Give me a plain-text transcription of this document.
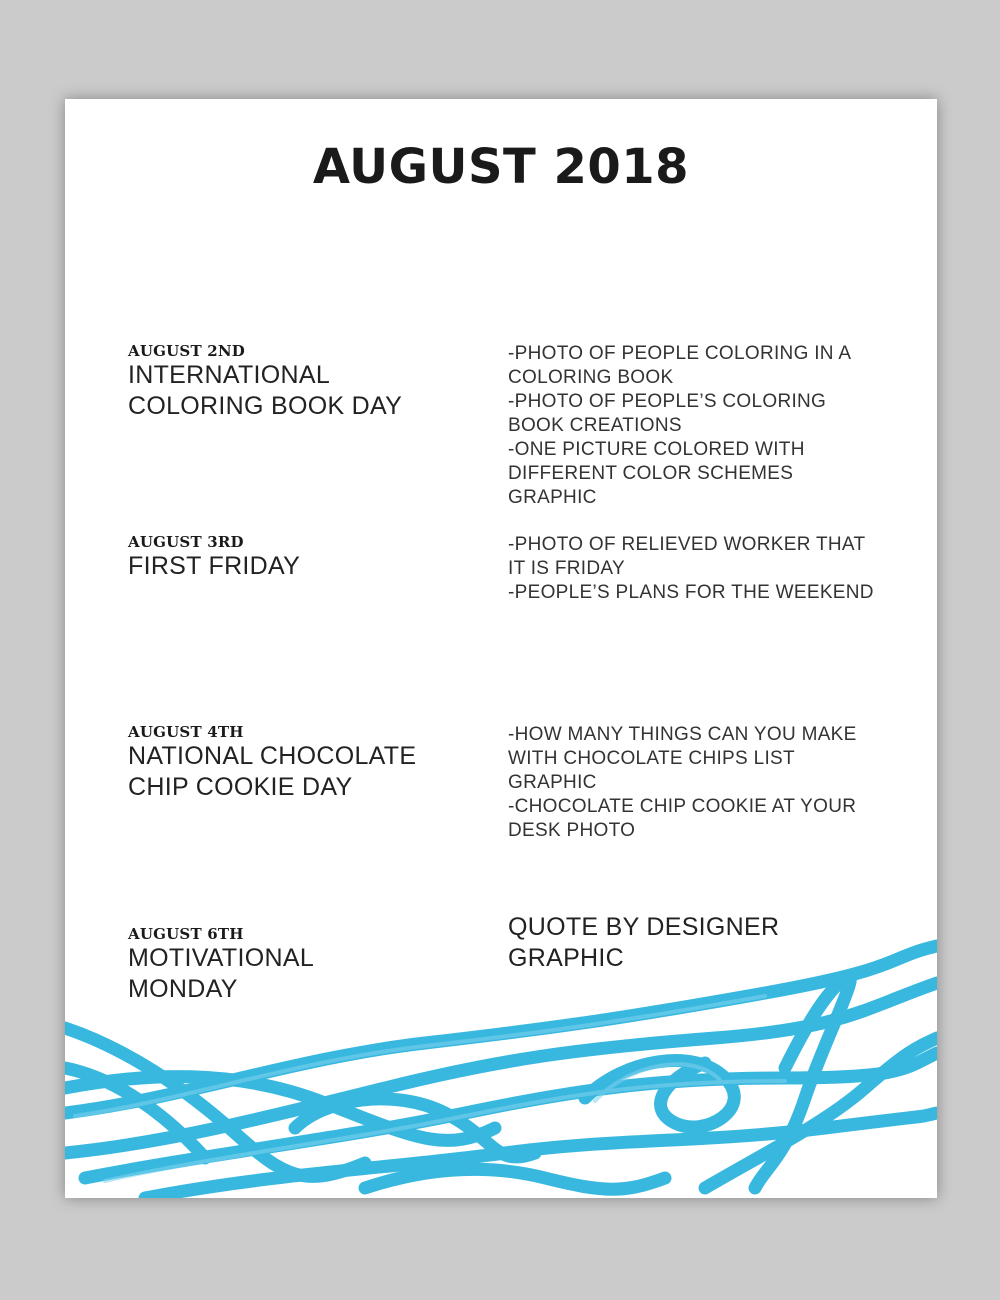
AUGUST 2018
AUGUST 2ND
INTERNATIONAL COLORING BOOK DAY
-PHOTO OF PEOPLE COLORING IN A COLORING BOOK
-PHOTO OF PEOPLE’S COLORING BOOK CREATIONS
-ONE PICTURE COLORED WITH DIFFERENT COLOR SCHEMES GRAPHIC
AUGUST 3RD
FIRST FRIDAY
-PHOTO OF RELIEVED WORKER THAT IT IS FRIDAY
-PEOPLE’S PLANS FOR THE WEEKEND
AUGUST 4TH
NATIONAL CHOCOLATE CHIP COOKIE DAY
-HOW MANY THINGS CAN YOU MAKE WITH CHOCOLATE CHIPS LIST GRAPHIC
-CHOCOLATE CHIP COOKIE AT YOUR DESK PHOTO
AUGUST 6TH
MOTIVATIONAL MONDAY
QUOTE BY DESIGNER GRAPHIC
